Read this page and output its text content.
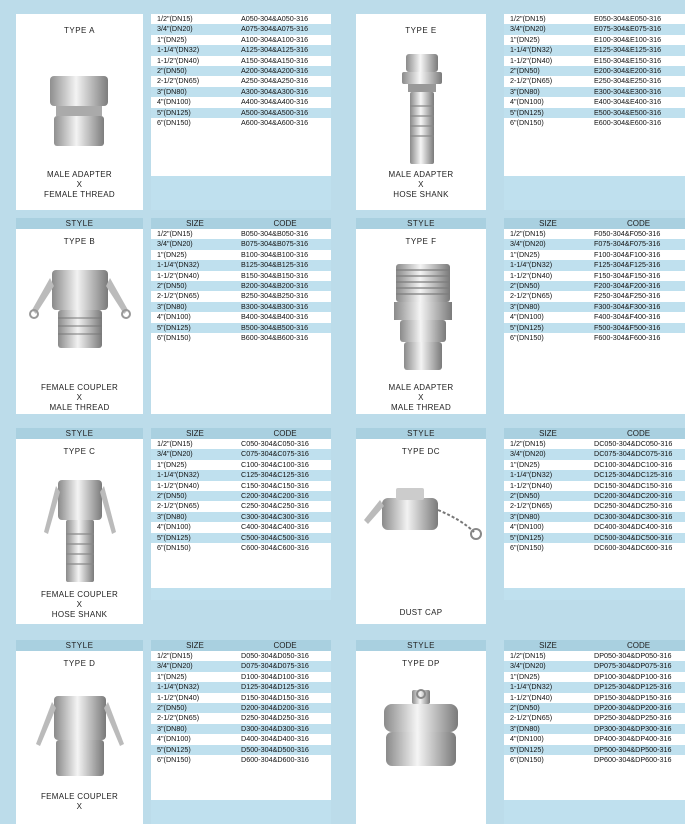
TYPE A
MALE ADAPTER
X
FEMALE THREAD
1/2"(DN15)	A050-304&A050-316
3/4"(DN20)	A075-304&A075-316
1"(DN25)	A100-304&A100-316
1-1/4"(DN32)	A125-304&A125-316
1-1/2"(DN40)	A150-304&A150-316
2"(DN50)	A200-304&A200-316
2-1/2"(DN65)	A250-304&A250-316
3"(DN80)	A300-304&A300-316
4"(DN100)	A400-304&A400-316
5"(DN125)	A500-304&A500-316
6"(DN150)	A600-304&A600-316
TYPE E
MALE ADAPTER
X
HOSE SHANK
1/2"(DN15)	E050-304&E050-316
3/4"(DN20)	E075-304&E075-316
1"(DN25)	E100-304&E100-316
1-1/4"(DN32)	E125-304&E125-316
1-1/2"(DN40)	E150-304&E150-316
2"(DN50)	E200-304&E200-316
2-1/2"(DN65)	E250-304&E250-316
3"(DN80)	E300-304&E300-316
4"(DN100)	E400-304&E400-316
5"(DN125)	E500-304&E500-316
6"(DN150)	E600-304&E600-316
STYLE
TYPE B
FEMALE COUPLER
X
MALE THREAD
SIZE	CODE
1/2"(DN15)	B050-304&B050-316
3/4"(DN20)	B075-304&B075-316
1"(DN25)	B100-304&B100-316
1-1/4"(DN32)	B125-304&B125-316
1-1/2"(DN40)	B150-304&B150-316
2"(DN50)	B200-304&B200-316
2-1/2"(DN65)	B250-304&B250-316
3"(DN80)	B300-304&B300-316
4"(DN100)	B400-304&B400-316
5"(DN125)	B500-304&B500-316
6"(DN150)	B600-304&B600-316
STYLE
TYPE F
MALE ADAPTER
X
MALE THREAD
SIZE	CODE
1/2"(DN15)	F050-304&F050-316
3/4"(DN20)	F075-304&F075-316
1"(DN25)	F100-304&F100-316
1-1/4"(DN32)	F125-304&F125-316
1-1/2"(DN40)	F150-304&F150-316
2"(DN50)	F200-304&F200-316
2-1/2"(DN65)	F250-304&F250-316
3"(DN80)	F300-304&F300-316
4"(DN100)	F400-304&F400-316
5"(DN125)	F500-304&F500-316
6"(DN150)	F600-304&F600-316
STYLE
TYPE C
FEMALE COUPLER
X
HOSE SHANK
SIZE	CODE
1/2"(DN15)	C050-304&C050-316
3/4"(DN20)	C075-304&C075-316
1"(DN25)	C100-304&C100-316
1-1/4"(DN32)	C125-304&C125-316
1-1/2"(DN40)	C150-304&C150-316
2"(DN50)	C200-304&C200-316
2-1/2"(DN65)	C250-304&C250-316
3"(DN80)	C300-304&C300-316
4"(DN100)	C400-304&C400-316
5"(DN125)	C500-304&C500-316
6"(DN150)	C600-304&C600-316
STYLE
TYPE DC
DUST CAP
SIZE	CODE
1/2"(DN15)	DC050-304&DC050-316
3/4"(DN20)	DC075-304&DC075-316
1"(DN25)	DC100-304&DC100-316
1-1/4"(DN32)	DC125-304&DC125-316
1-1/2"(DN40)	DC150-304&DC150-316
2"(DN50)	DC200-304&DC200-316
2-1/2"(DN65)	DC250-304&DC250-316
3"(DN80)	DC300-304&DC300-316
4"(DN100)	DC400-304&DC400-316
5"(DN125)	DC500-304&DC500-316
6"(DN150)	DC600-304&DC600-316
STYLE
TYPE D
FEMALE COUPLER
X
SIZE	CODE
1/2"(DN15)	D050-304&D050-316
3/4"(DN20)	D075-304&D075-316
1"(DN25)	D100-304&D100-316
1-1/4"(DN32)	D125-304&D125-316
1-1/2"(DN40)	D150-304&D150-316
2"(DN50)	D200-304&D200-316
2-1/2"(DN65)	D250-304&D250-316
3"(DN80)	D300-304&D300-316
4"(DN100)	D400-304&D400-316
5"(DN125)	D500-304&D500-316
6"(DN150)	D600-304&D600-316
STYLE
TYPE DP
SIZE	CODE
1/2"(DN15)	DP050-304&DP050-316
3/4"(DN20)	DP075-304&DP075-316
1"(DN25)	DP100-304&DP100-316
1-1/4"(DN32)	DP125-304&DP125-316
1-1/2"(DN40)	DP150-304&DP150-316
2"(DN50)	DP200-304&DP200-316
2-1/2"(DN65)	DP250-304&DP250-316
3"(DN80)	DP300-304&DP300-316
4"(DN100)	DP400-304&DP400-316
5"(DN125)	DP500-304&DP500-316
6"(DN150)	DP600-304&DP600-316
